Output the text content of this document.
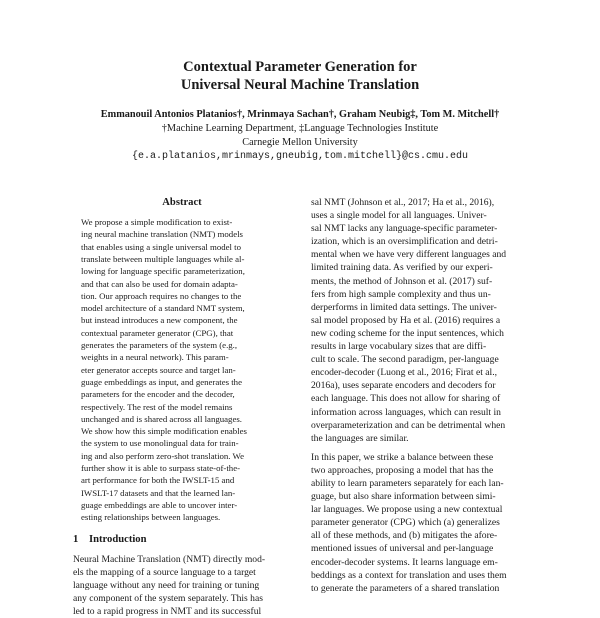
Contextual Parameter Generation for
Universal Neural Machine Translation
Emmanouil Antonios Platanios†, Mrinmaya Sachan†, Graham Neubig‡, Tom M. Mitchell†
†Machine Learning Department, ‡Language Technologies Institute
Carnegie Mellon University
{e.a.platanios,mrinmays,gneubig,tom.mitchell}@cs.cmu.edu
Abstract
We propose a simple modification to exist-
ing neural machine translation (NMT) models
that enables using a single universal model to
translate between multiple languages while al-
lowing for language specific parameterization,
and that can also be used for domain adapta-
tion. Our approach requires no changes to the
model architecture of a standard NMT system,
but instead introduces a new component, the
contextual parameter generator (CPG), that
generates the parameters of the system (e.g.,
weights in a neural network). This param-
eter generator accepts source and target lan-
guage embeddings as input, and generates the
parameters for the encoder and the decoder,
respectively. The rest of the model remains
unchanged and is shared across all languages.
We show how this simple modification enables
the system to use monolingual data for train-
ing and also perform zero-shot translation. We
further show it is able to surpass state-of-the-
art performance for both the IWSLT-15 and
IWSLT-17 datasets and that the learned lan-
guage embeddings are able to uncover inter-
esting relationships between languages.
1 Introduction
Neural Machine Translation (NMT) directly mod-
els the mapping of a source language to a target
language without any need for training or tuning
any component of the system separately. This has
led to a rapid progress in NMT and its successful
sal NMT (Johnson et al., 2017; Ha et al., 2016),
uses a single model for all languages. Univer-
sal NMT lacks any language-specific parameter-
ization, which is an oversimplification and detri-
mental when we have very different languages and
limited training data. As verified by our experi-
ments, the method of Johnson et al. (2017) suf-
fers from high sample complexity and thus un-
derperforms in limited data settings. The univer-
sal model proposed by Ha et al. (2016) requires a
new coding scheme for the input sentences, which
results in large vocabulary sizes that are diffi-
cult to scale. The second paradigm, per-language
encoder-decoder (Luong et al., 2016; Firat et al.,
2016a), uses separate encoders and decoders for
each language. This does not allow for sharing of
information across languages, which can result in
overparameterization and can be detrimental when
the languages are similar.
In this paper, we strike a balance between these
two approaches, proposing a model that has the
ability to learn parameters separately for each lan-
guage, but also share information between simi-
lar languages. We propose using a new contextual
parameter generator (CPG) which (a) generalizes
all of these methods, and (b) mitigates the afore-
mentioned issues of universal and per-language
encoder-decoder systems. It learns language em-
beddings as a context for translation and uses them
to generate the parameters of a shared translation
